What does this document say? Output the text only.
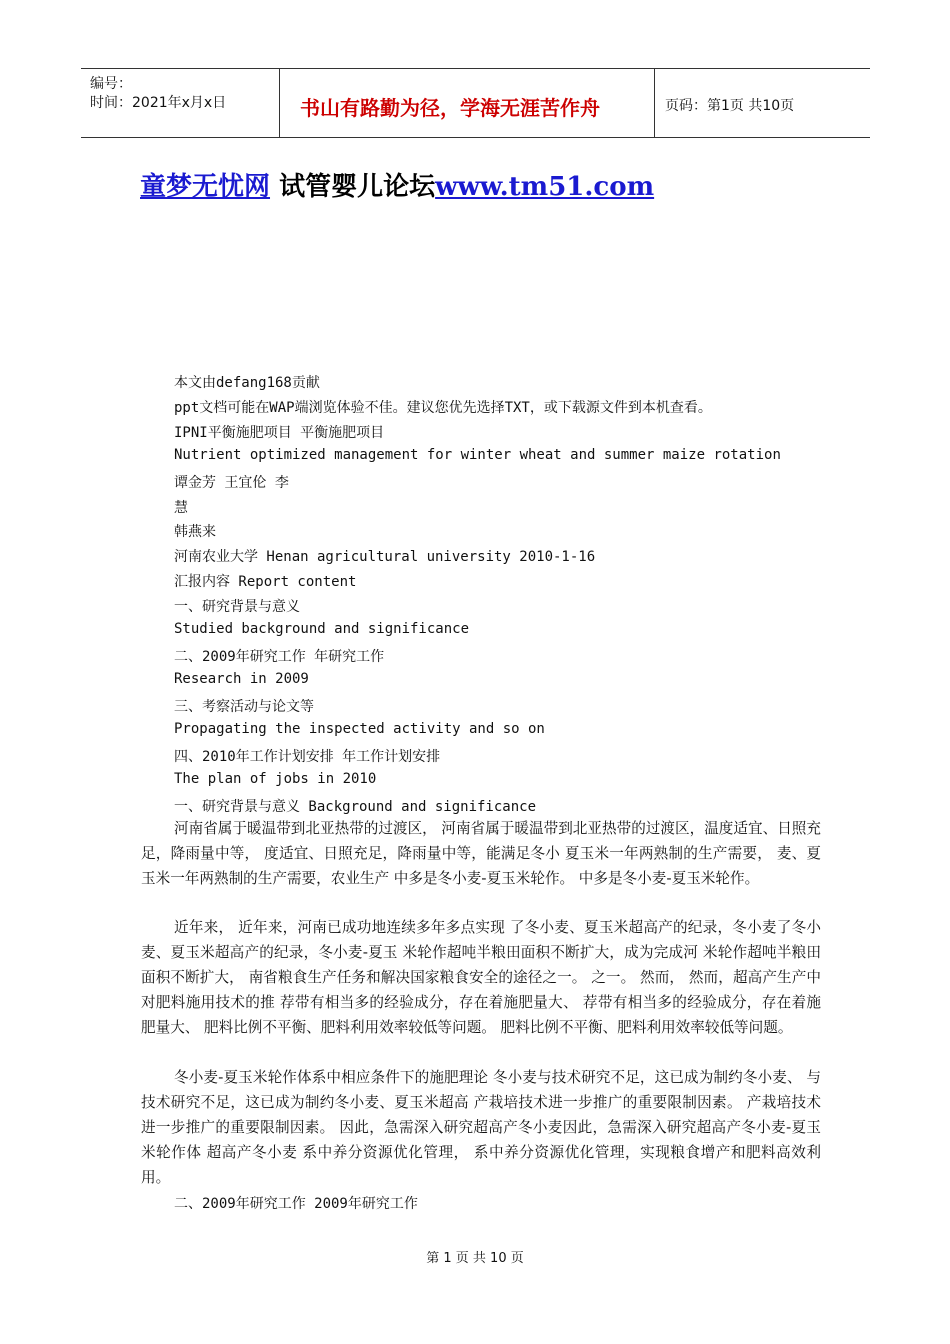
编号：
时间：2021年x月x日	书山有路勤为径，学海无涯苦作舟	页码：第1页 共10页
童梦无忧网 试管婴儿论坛www.tm51.com
本文由defang168贡献
ppt文档可能在WAP端浏览体验不佳。建议您优先选择TXT，或下载源文件到本机查看。
IPNI平衡施肥项目 平衡施肥项目
Nutrient optimized management for winter wheat and summer maize rotation
谭金芳 王宜伦 李
慧
韩燕来
河南农业大学 Henan agricultural university 2010-1-16
汇报内容 Report content
一、研究背景与意义
Studied background and significance
二、2009年研究工作 年研究工作
Research in 2009
三、考察活动与论文等
Propagating the inspected activity and so on
四、2010年工作计划安排 年工作计划安排
The plan of jobs in 2010
一、研究背景与意义 Background and significance
河南省属于暖温带到北亚热带的过渡区， 河南省属于暖温带到北亚热带的过渡区，温度适宜、日照充足，降雨量中等， 度适宜、日照充足，降雨量中等，能满足冬小 夏玉米一年两熟制的生产需要， 麦、夏玉米一年两熟制的生产需要，农业生产 中多是冬小麦-夏玉米轮作。 中多是冬小麦-夏玉米轮作。
近年来， 近年来，河南已成功地连续多年多点实现 了冬小麦、夏玉米超高产的纪录，冬小麦了冬小麦、夏玉米超高产的纪录，冬小麦-夏玉 米轮作超吨半粮田面积不断扩大，成为完成河 米轮作超吨半粮田面积不断扩大， 南省粮食生产任务和解决国家粮食安全的途径之一。 之一。 然而， 然而，超高产生产中对肥料施用技术的推 荐带有相当多的经验成分，存在着施肥量大、 荐带有相当多的经验成分，存在着施肥量大、 肥料比例不平衡、肥料利用效率较低等问题。 肥料比例不平衡、肥料利用效率较低等问题。
冬小麦-夏玉米轮作体系中相应条件下的施肥理论 冬小麦与技术研究不足，这已成为制约冬小麦、 与技术研究不足，这已成为制约冬小麦、夏玉米超高 产栽培技术进一步推广的重要限制因素。 产栽培技术进一步推广的重要限制因素。 因此，急需深入研究超高产冬小麦因此，急需深入研究超高产冬小麦-夏玉米轮作体 超高产冬小麦 系中养分资源优化管理， 系中养分资源优化管理，实现粮食增产和肥料高效利 用。
二、2009年研究工作 2009年研究工作
第 1 页 共 10 页
